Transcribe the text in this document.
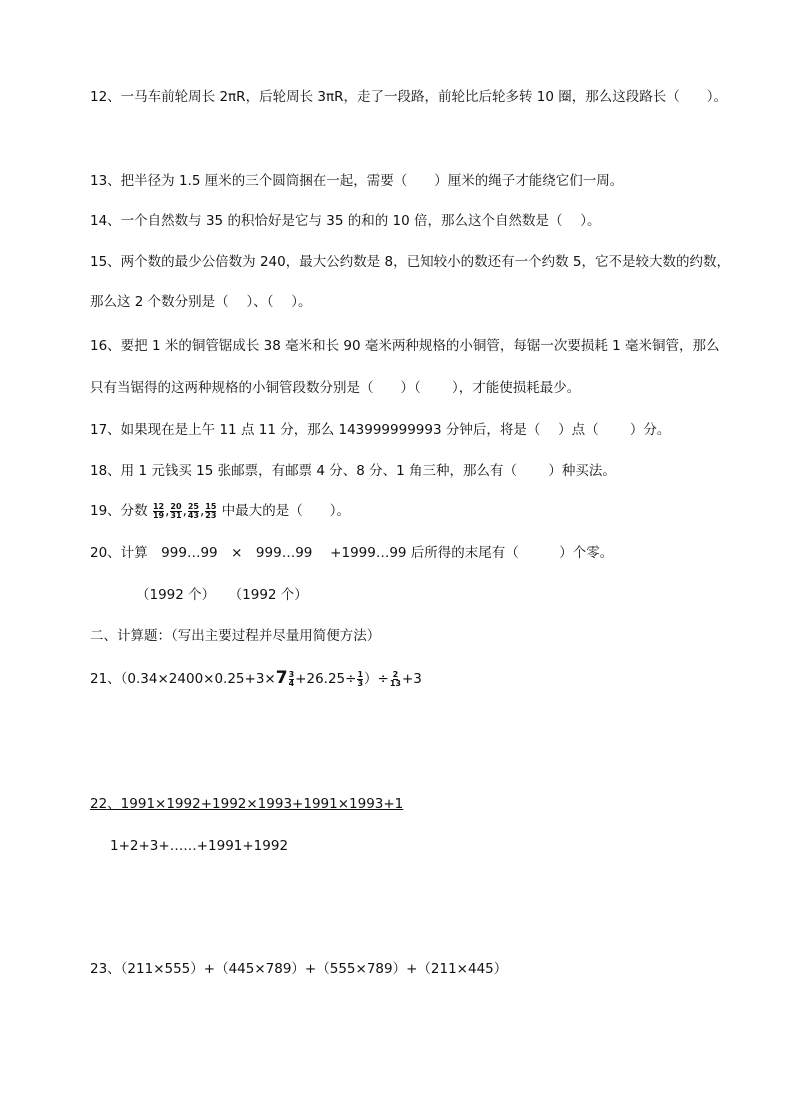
12、一马车前轮周长 2πR，后轮周长 3πR，走了一段路，前轮比后轮多转 10 圈，那么这段路长（　　）。
13、把半径为 1.5 厘米的三个圆筒捆在一起，需要（　　）厘米的绳子才能绕它们一周。
14、一个自然数与 35 的积恰好是它与 35 的和的 10 倍，那么这个自然数是（　 ）。
15、两个数的最少公倍数为 240，最大公约数是 8，已知较小的数还有一个约数 5，它不是较大数的约数，
那么这 2 个数分别是（　 ）、（　 ）。
16、要把 1 米的铜管锯成长 38 毫米和长 90 毫米两种规格的小铜管，每锯一次要损耗 1 毫米铜管，那么
只有当锯得的这两种规格的小铜管段数分别是（　　）（　　 ），才能使损耗最少。
17、如果现在是上午 11 点 11 分，那么 143999999993 分钟后，将是（　 ）点（　　 ）分。
18、用 1 元钱买 15 张邮票，有邮票 4 分、8 分、1 角三种，那么有（　　 ）种买法。
19、分数 $\frac{12}{19}$ , $\frac{20}{31}$ , $\frac{25}{43}$ , $\frac{15}{23}$ 中最大的是（　　）。
20、计算　999…99　×　999…99　 +1999…99 后所得的末尾有（　　　）个零。
（1992 个）　　（1992 个）
二、计算题：（写出主要过程并尽量用简便方法）
21、（$0.34\times 2400\times 0.25+3\times 7 \frac{3}{4} +26.25\div \frac{1}{3}$ ）÷ $\frac{2}{13} +3$
22、1991×1992+1992×1993+1991×1993+1
1+2+3+……+1991+1992
23、（211×555）+（445×789）+（555×789）+（211×445）
